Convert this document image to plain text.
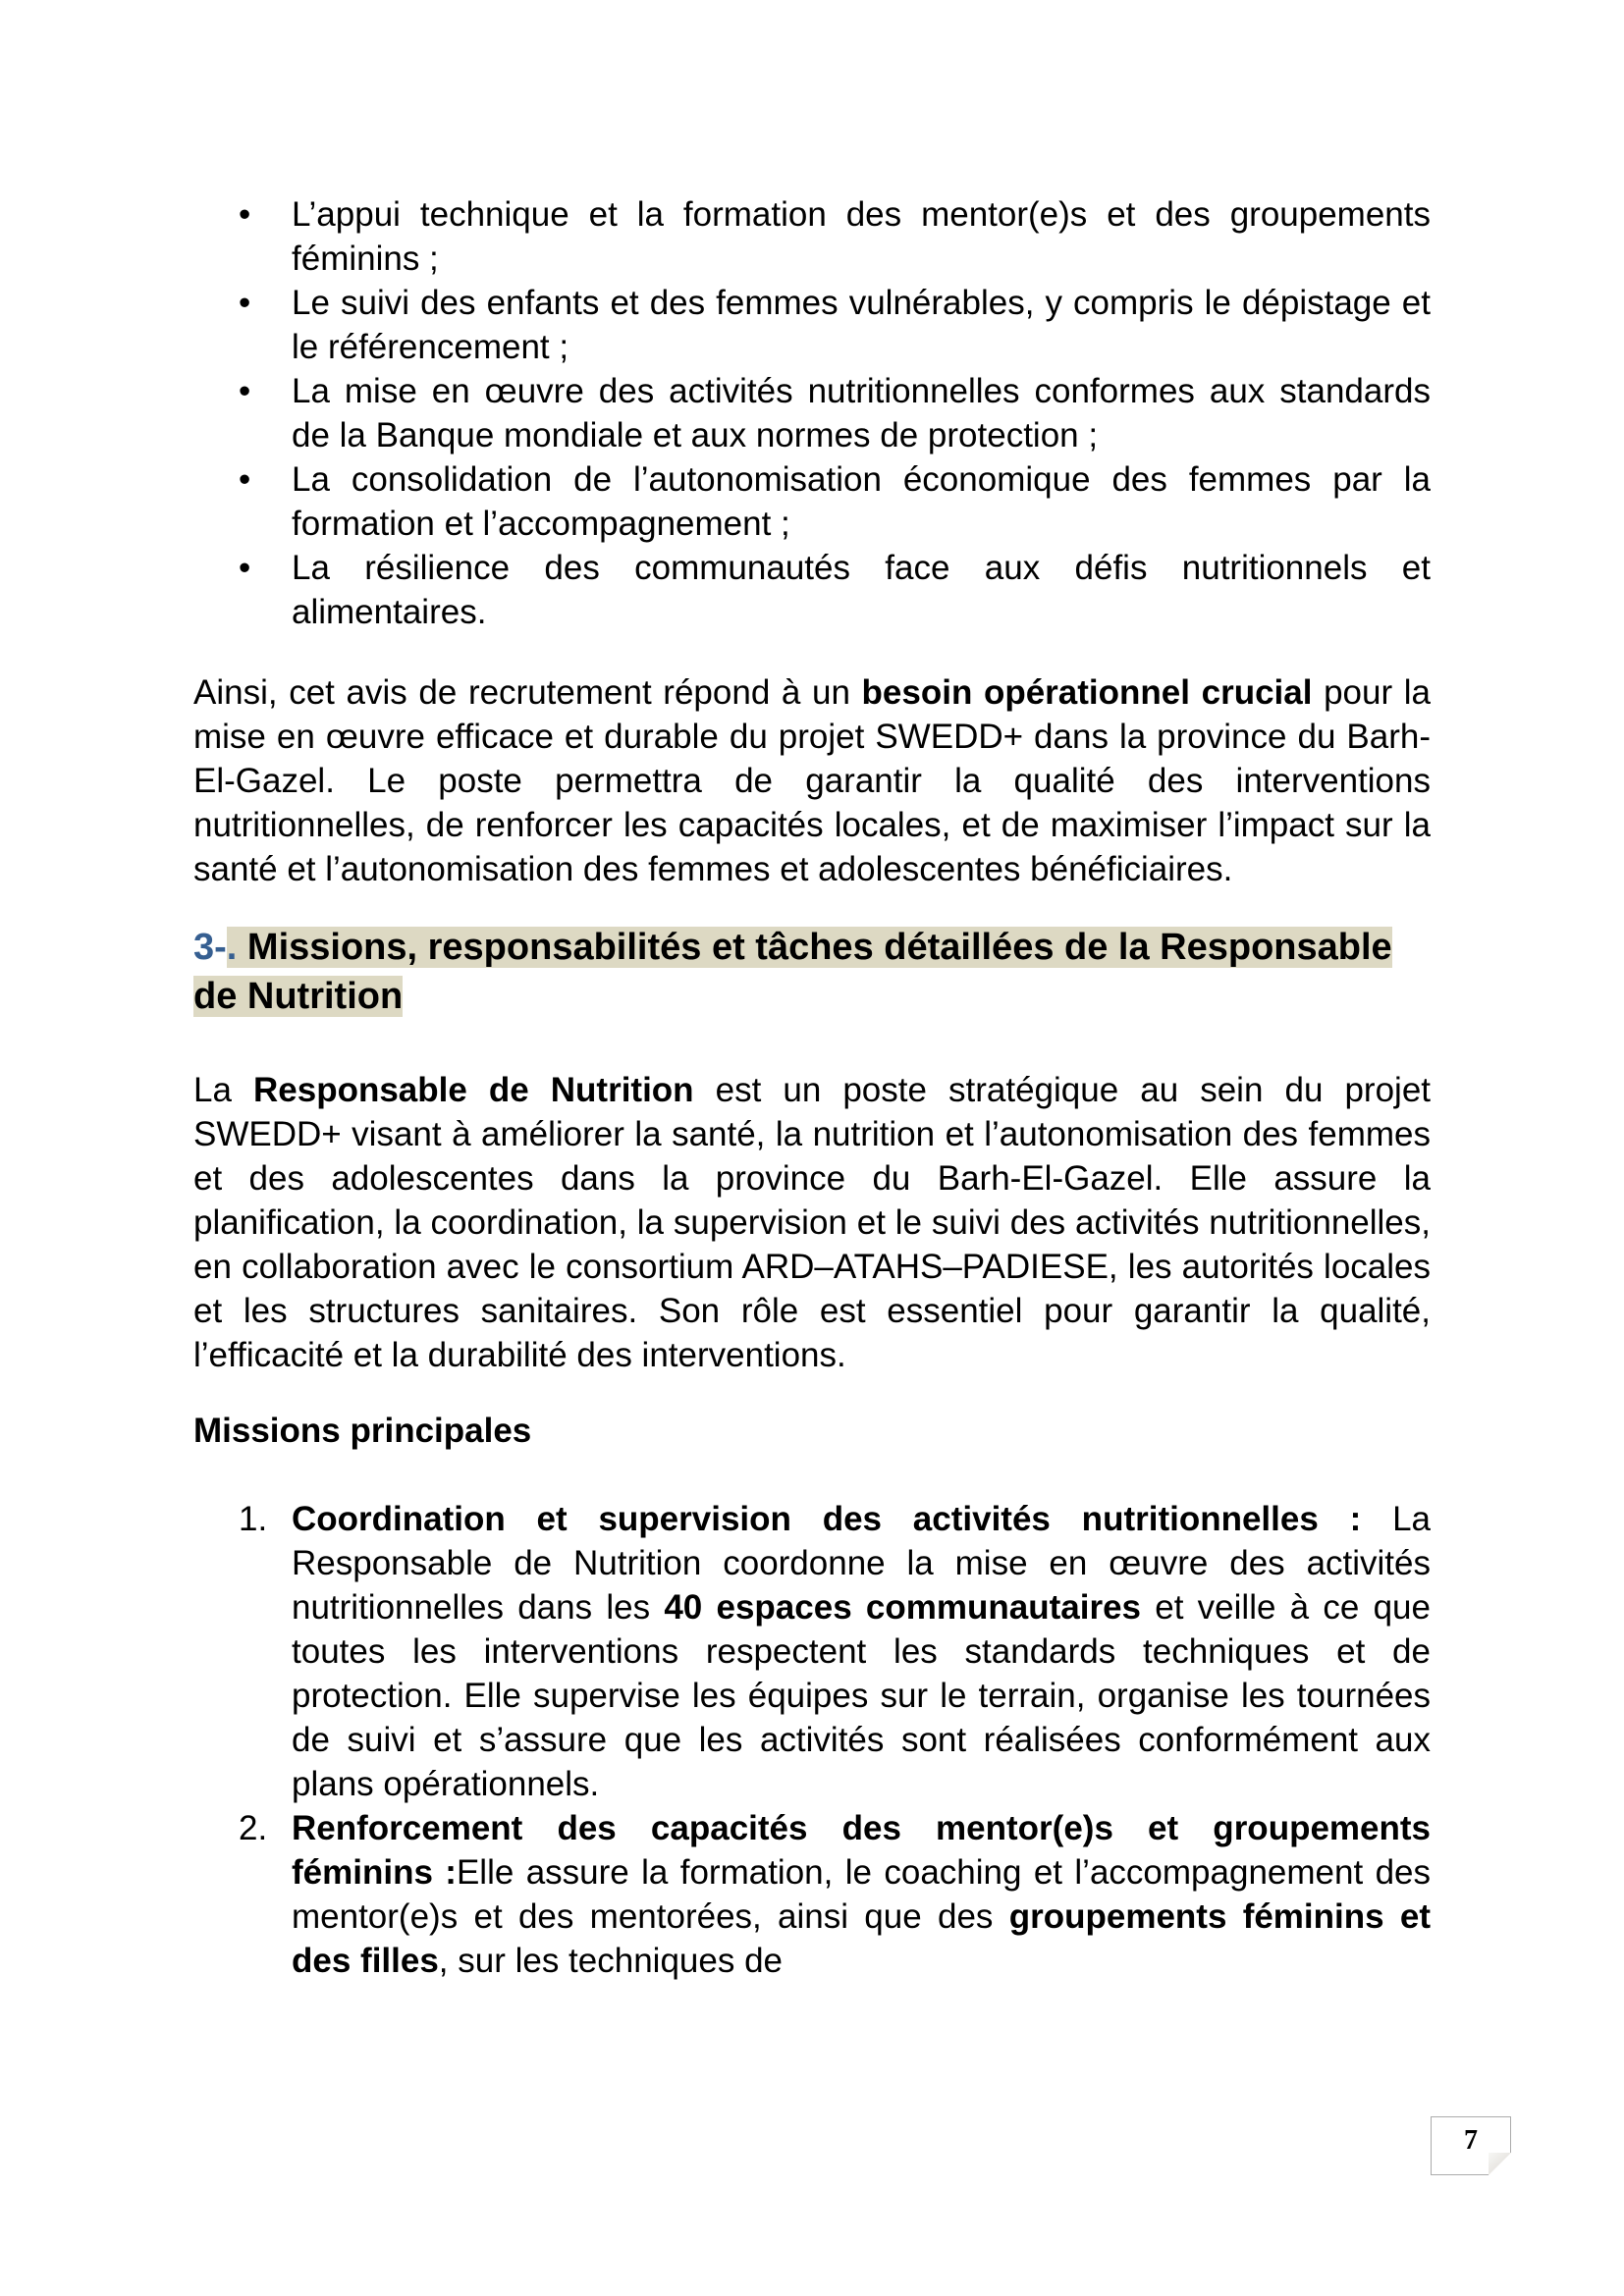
• L’appui technique et la formation des mentor(e)s et des groupements féminins ;
• Le suivi des enfants et des femmes vulnérables, y compris le dépistage et le référencement ;
• La mise en œuvre des activités nutritionnelles conformes aux standards de la Banque mondiale et aux normes de protection ;
• La consolidation de l’autonomisation économique des femmes par la formation et l’accompagnement ;
• La résilience des communautés face aux défis nutritionnels et alimentaires.

Ainsi, cet avis de recrutement répond à un besoin opérationnel crucial pour la mise en œuvre efficace et durable du projet SWEDD+ dans la province du Barh-El-Gazel. Le poste permettra de garantir la qualité des interventions nutritionnelles, de renforcer les capacités locales, et de maximiser l’impact sur la santé et l’autonomisation des femmes et adolescentes bénéficiaires.

3-. Missions, responsabilités et tâches détaillées de la Responsable de Nutrition

La Responsable de Nutrition est un poste stratégique au sein du projet SWEDD+ visant à améliorer la santé, la nutrition et l’autonomisation des femmes et des adolescentes dans la province du Barh-El-Gazel. Elle assure la planification, la coordination, la supervision et le suivi des activités nutritionnelles, en collaboration avec le consortium ARD–ATAHS–PADIESE, les autorités locales et les structures sanitaires. Son rôle est essentiel pour garantir la qualité, l’efficacité et la durabilité des interventions.

Missions principales
1. Coordination et supervision des activités nutritionnelles : La Responsable de Nutrition coordonne la mise en œuvre des activités nutritionnelles dans les 40 espaces communautaires et veille à ce que toutes les interventions respectent les standards techniques et de protection. Elle supervise les équipes sur le terrain, organise les tournées de suivi et s’assure que les activités sont réalisées conformément aux plans opérationnels.
2. Renforcement des capacités des mentor(e)s et groupements féminins :Elle assure la formation, le coaching et l’accompagnement des mentor(e)s et des mentorées, ainsi que des groupements féminins et des filles, sur les techniques de
7
